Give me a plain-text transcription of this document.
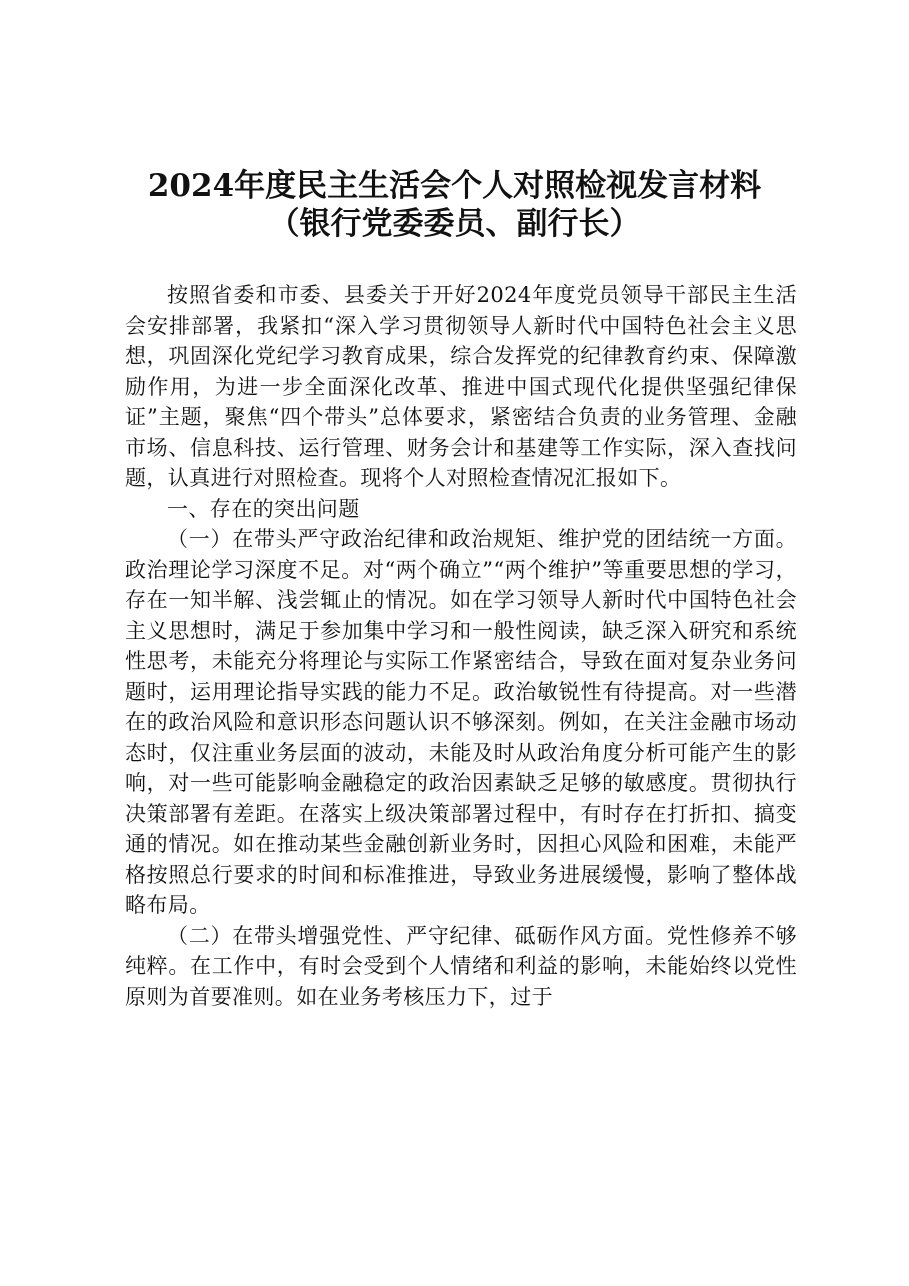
2024年度民主生活会个人对照检视发言材料
（银行党委委员、副行长）

按照省委和市委、县委关于开好2024年度党员领导干部民主生活会安排部署，我紧扣“深入学习贯彻领导人新时代中国特色社会主义思想，巩固深化党纪学习教育成果，综合发挥党的纪律教育约束、保障激励作用，为进一步全面深化改革、推进中国式现代化提供坚强纪律保证”主题，聚焦“四个带头”总体要求，紧密结合负责的业务管理、金融市场、信息科技、运行管理、财务会计和基建等工作实际，深入查找问题，认真进行对照检查。现将个人对照检查情况汇报如下。

一、存在的突出问题

（一）在带头严守政治纪律和政治规矩、维护党的团结统一方面。政治理论学习深度不足。对“两个确立”“两个维护”等重要思想的学习，存在一知半解、浅尝辄止的情况。如在学习领导人新时代中国特色社会主义思想时，满足于参加集中学习和一般性阅读，缺乏深入研究和系统性思考，未能充分将理论与实际工作紧密结合，导致在面对复杂业务问题时，运用理论指导实践的能力不足。政治敏锐性有待提高。对一些潜在的政治风险和意识形态问题认识不够深刻。例如，在关注金融市场动态时，仅注重业务层面的波动，未能及时从政治角度分析可能产生的影响，对一些可能影响金融稳定的政治因素缺乏足够的敏感度。贯彻执行决策部署有差距。在落实上级决策部署过程中，有时存在打折扣、搞变通的情况。如在推动某些金融创新业务时，因担心风险和困难，未能严格按照总行要求的时间和标准推进，导致业务进展缓慢，影响了整体战略布局。

（二）在带头增强党性、严守纪律、砥砺作风方面。党性修养不够纯粹。在工作中，有时会受到个人情绪和利益的影响，未能始终以党性原则为首要准则。如在业务考核压力下，过于
